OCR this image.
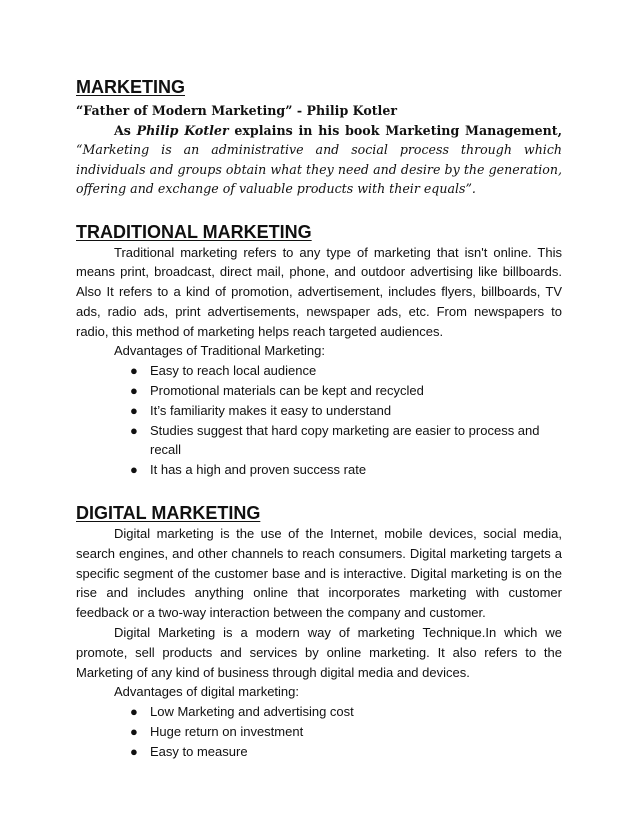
MARKETING
“Father of Modern Marketing” - Philip Kotler

As Philip Kotler explains in his book Marketing Management, “Marketing is an administrative and social process through which individuals and groups obtain what they need and desire by the generation, offering and exchange of valuable products with their equals”.

TRADITIONAL MARKETING

Traditional marketing refers to any type of marketing that isn't online. This means print, broadcast, direct mail, phone, and outdoor advertising like billboards. Also It refers to a kind of promotion, advertisement, includes flyers, billboards, TV ads, radio ads, print advertisements, newspaper ads, etc. From newspapers to radio, this method of marketing helps reach targeted audiences.

Advantages of Traditional Marketing:

● Easy to reach local audience
● Promotional materials can be kept and recycled
● It’s familiarity makes it easy to understand
● Studies suggest that hard copy marketing are easier to process and recall
● It has a high and proven success rate
DIGITAL MARKETING

Digital marketing is the use of the Internet, mobile devices, social media, search engines, and other channels to reach consumers. Digital marketing targets a specific segment of the customer base and is interactive. Digital marketing is on the rise and includes anything online that incorporates marketing with customer feedback or a two-way interaction between the company and customer.

Digital Marketing is a modern way of marketing Technique.In which we promote, sell products and services by online marketing. It also refers to the Marketing of any kind of business through digital media and devices.

Advantages of digital marketing:

● Low Marketing and advertising cost
● Huge return on investment
● Easy to measure
